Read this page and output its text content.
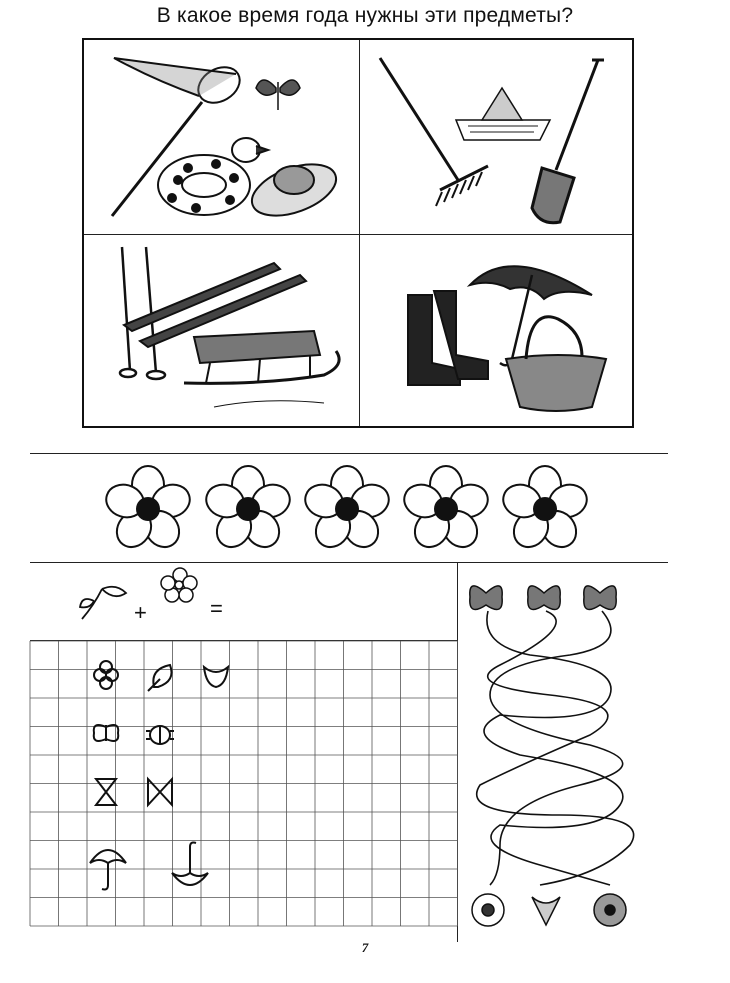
В какое время года нужны эти предметы?
+	=
7
